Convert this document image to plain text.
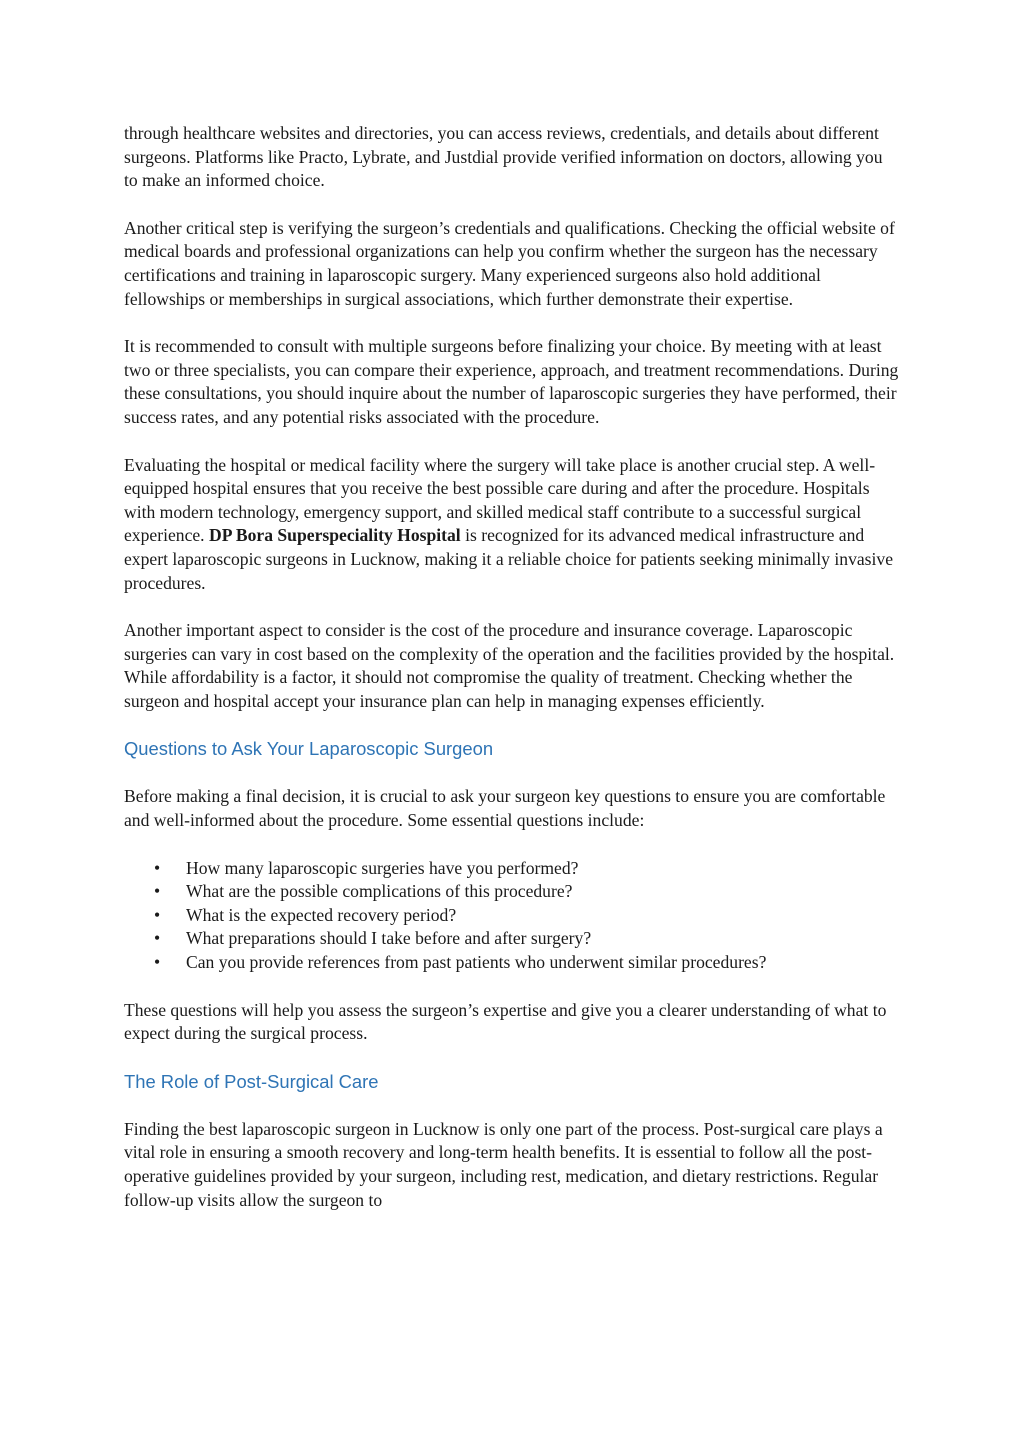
through healthcare websites and directories, you can access reviews, credentials, and details about different surgeons. Platforms like Practo, Lybrate, and Justdial provide verified information on doctors, allowing you to make an informed choice.

Another critical step is verifying the surgeon’s credentials and qualifications. Checking the official website of medical boards and professional organizations can help you confirm whether the surgeon has the necessary certifications and training in laparoscopic surgery. Many experienced surgeons also hold additional fellowships or memberships in surgical associations, which further demonstrate their expertise.

It is recommended to consult with multiple surgeons before finalizing your choice. By meeting with at least two or three specialists, you can compare their experience, approach, and treatment recommendations. During these consultations, you should inquire about the number of laparoscopic surgeries they have performed, their success rates, and any potential risks associated with the procedure.

Evaluating the hospital or medical facility where the surgery will take place is another crucial step. A well-equipped hospital ensures that you receive the best possible care during and after the procedure. Hospitals with modern technology, emergency support, and skilled medical staff contribute to a successful surgical experience. DP Bora Superspeciality Hospital is recognized for its advanced medical infrastructure and expert laparoscopic surgeons in Lucknow, making it a reliable choice for patients seeking minimally invasive procedures.

Another important aspect to consider is the cost of the procedure and insurance coverage. Laparoscopic surgeries can vary in cost based on the complexity of the operation and the facilities provided by the hospital. While affordability is a factor, it should not compromise the quality of treatment. Checking whether the surgeon and hospital accept your insurance plan can help in managing expenses efficiently.

Questions to Ask Your Laparoscopic Surgeon

Before making a final decision, it is crucial to ask your surgeon key questions to ensure you are comfortable and well-informed about the procedure. Some essential questions include:

• How many laparoscopic surgeries have you performed?
• What are the possible complications of this procedure?
• What is the expected recovery period?
• What preparations should I take before and after surgery?
• Can you provide references from past patients who underwent similar procedures?

These questions will help you assess the surgeon’s expertise and give you a clearer understanding of what to expect during the surgical process.

The Role of Post-Surgical Care

Finding the best laparoscopic surgeon in Lucknow is only one part of the process. Post-surgical care plays a vital role in ensuring a smooth recovery and long-term health benefits. It is essential to follow all the post-operative guidelines provided by your surgeon, including rest, medication, and dietary restrictions. Regular follow-up visits allow the surgeon to
